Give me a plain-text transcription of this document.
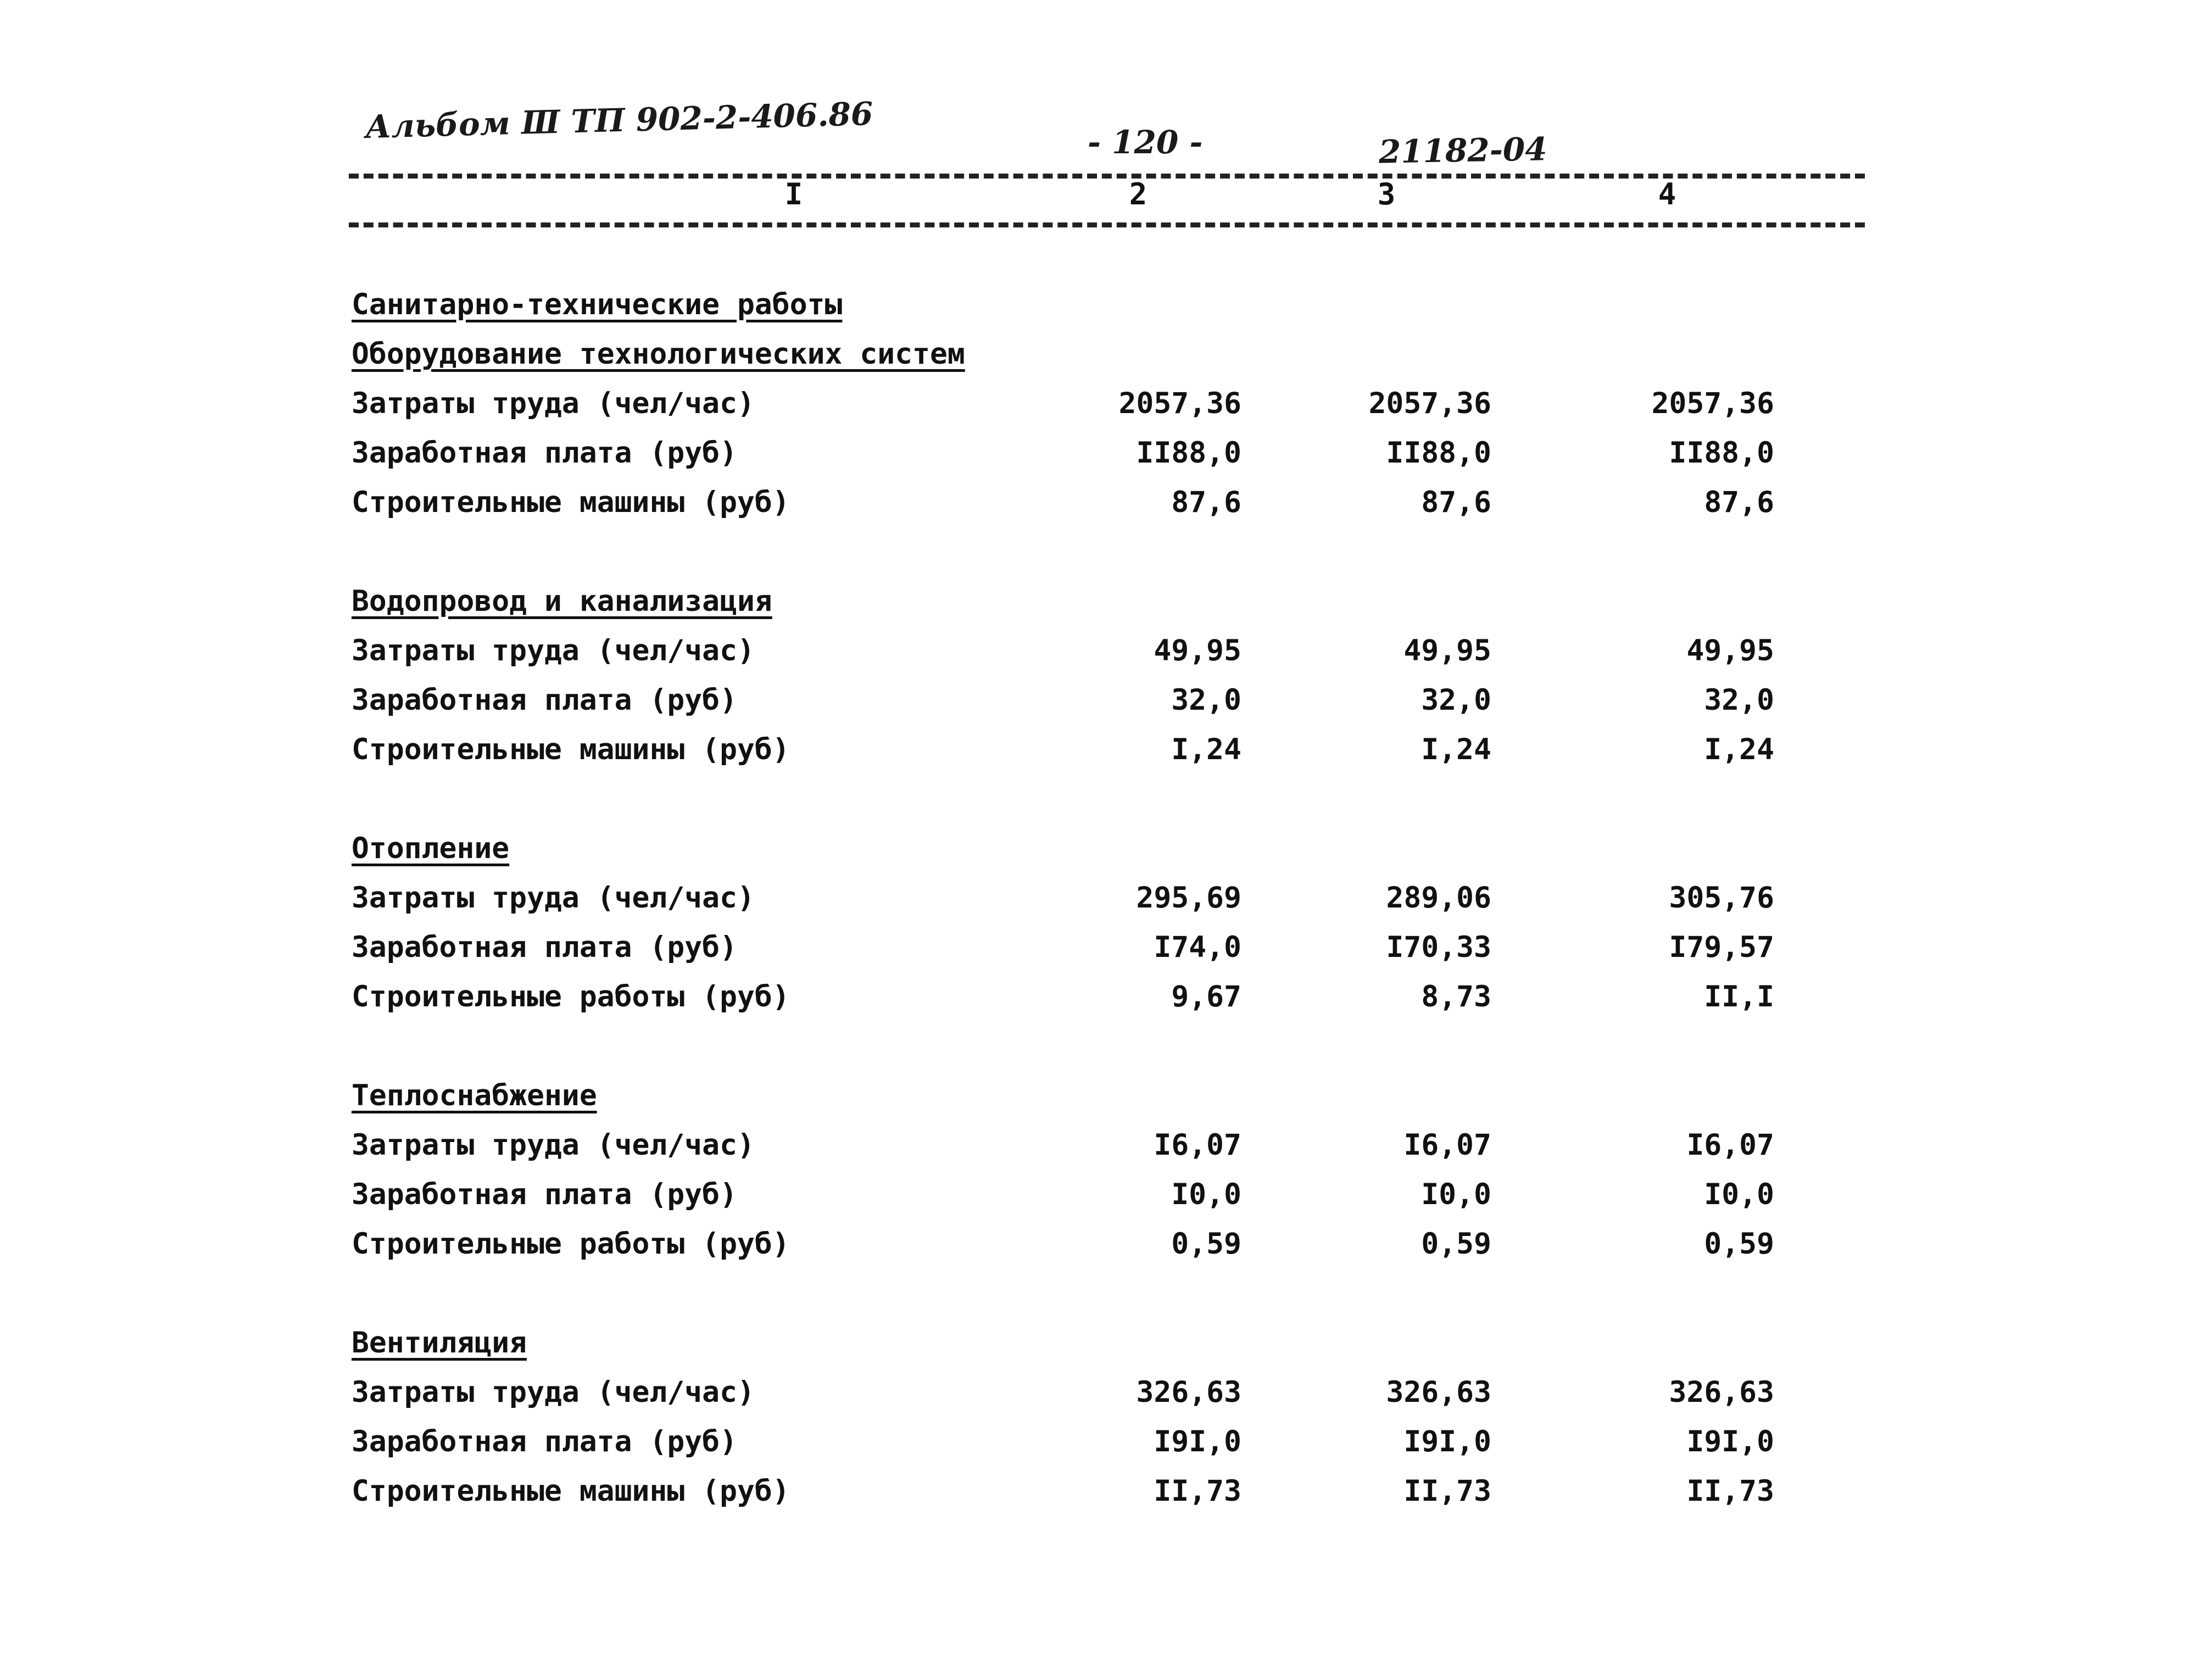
Альбом Ⅲ ТП 902-2-406.86	- 120 -	21182-04
I	2	3	4
Санитарно-технические работы
Оборудование технологических систем
Затраты труда (чел/час)	2057,36	2057,36	2057,36
Заработная плата (руб)	II88,0	II88,0	II88,0
Строительные машины (руб)	87,6	87,6	87,6
Водопровод и канализация
Затраты труда (чел/час)	49,95	49,95	49,95
Заработная плата (руб)	32,0	32,0	32,0
Строительные машины (руб)	I,24	I,24	I,24
Отопление
Затраты труда (чел/час)	295,69	289,06	305,76
Заработная плата (руб)	I74,0	I70,33	I79,57
Строительные работы (руб)	9,67	8,73	II,I
Теплоснабжение
Затраты труда (чел/час)	I6,07	I6,07	I6,07
Заработная плата (руб)	I0,0	I0,0	I0,0
Строительные работы (руб)	0,59	0,59	0,59
Вентиляция
Затраты труда (чел/час)	326,63	326,63	326,63
Заработная плата (руб)	I9I,0	I9I,0	I9I,0
Строительные машины (руб)	II,73	II,73	II,73
